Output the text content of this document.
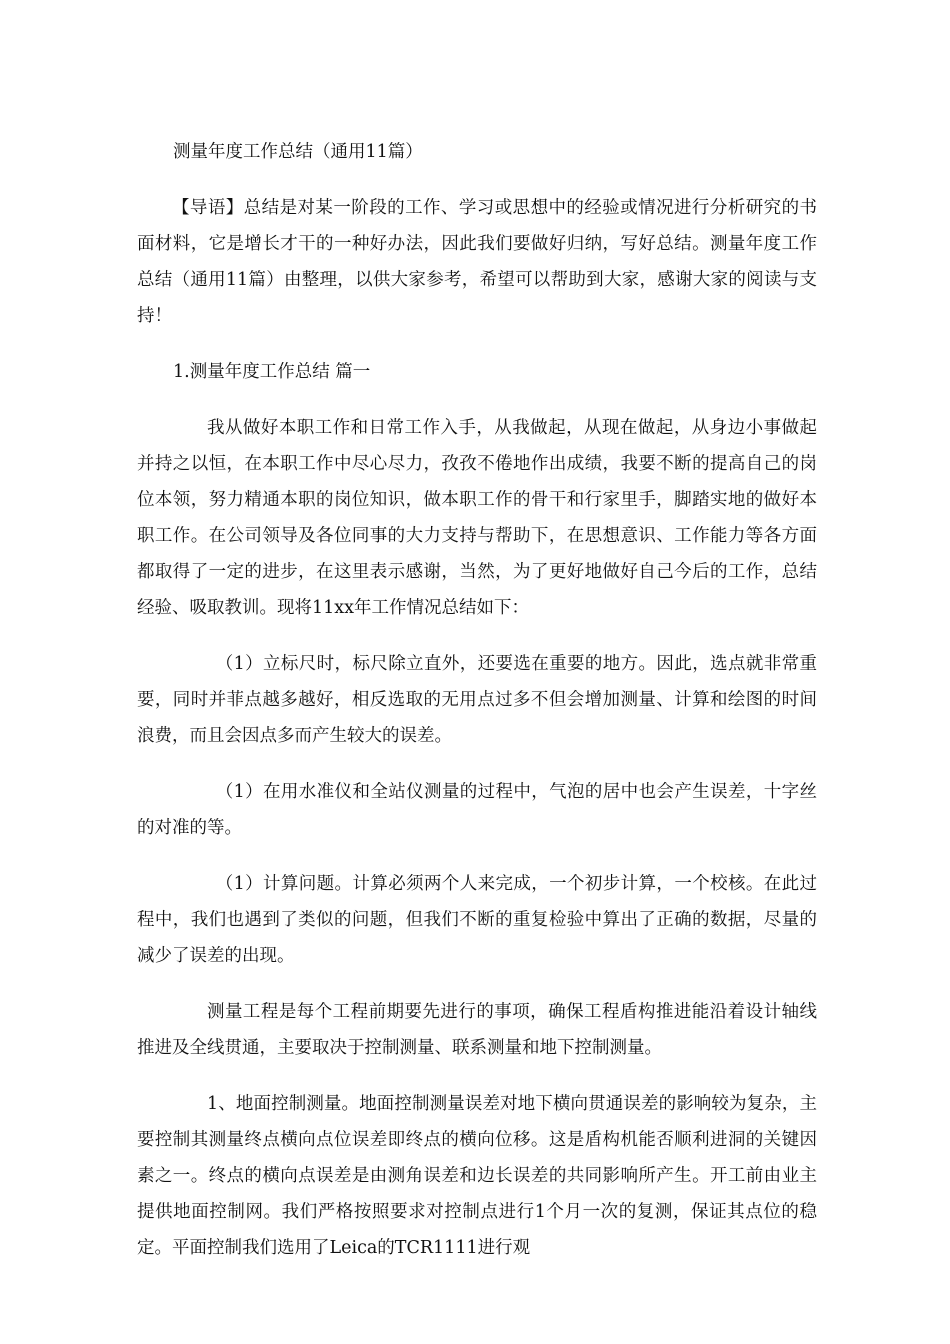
测量年度工作总结（通用11篇）

【导语】总结是对某一阶段的工作、学习或思想中的经验或情况进行分析研究的书面材料，它是增长才干的一种好办法，因此我们要做好归纳，写好总结。测量年度工作总结（通用11篇）由整理，以供大家参考，希望可以帮助到大家，感谢大家的阅读与支持！

1.测量年度工作总结 篇一

我从做好本职工作和日常工作入手，从我做起，从现在做起，从身边小事做起并持之以恒，在本职工作中尽心尽力，孜孜不倦地作出成绩，我要不断的提高自己的岗位本领，努力精通本职的岗位知识，做本职工作的骨干和行家里手，脚踏实地的做好本职工作。在公司领导及各位同事的大力支持与帮助下，在思想意识、工作能力等各方面都取得了一定的进步，在这里表示感谢，当然，为了更好地做好自己今后的工作，总结经验、吸取教训。现将11xx年工作情况总结如下：

（1）立标尺时，标尺除立直外，还要选在重要的地方。因此，选点就非常重要，同时并菲点越多越好，相反选取的无用点过多不但会增加测量、计算和绘图的时间浪费，而且会因点多而产生较大的误差。

（1）在用水准仪和全站仪测量的过程中，气泡的居中也会产生误差，十字丝的对准的等。

（1）计算问题。计算必须两个人来完成，一个初步计算，一个校核。在此过程中，我们也遇到了类似的问题，但我们不断的重复检验中算出了正确的数据，尽量的减少了误差的出现。

测量工程是每个工程前期要先进行的事项，确保工程盾构推进能沿着设计轴线推进及全线贯通，主要取决于控制测量、联系测量和地下控制测量。

1、地面控制测量。地面控制测量误差对地下横向贯通误差的影响较为复杂，主要控制其测量终点横向点位误差即终点的横向位移。这是盾构机能否顺利进洞的关键因素之一。终点的横向点误差是由测角误差和边长误差的共同影响所产生。开工前由业主提供地面控制网。我们严格按照要求对控制点进行1个月一次的复测，保证其点位的稳定。平面控制我们选用了Leica的TCR1111进行观
